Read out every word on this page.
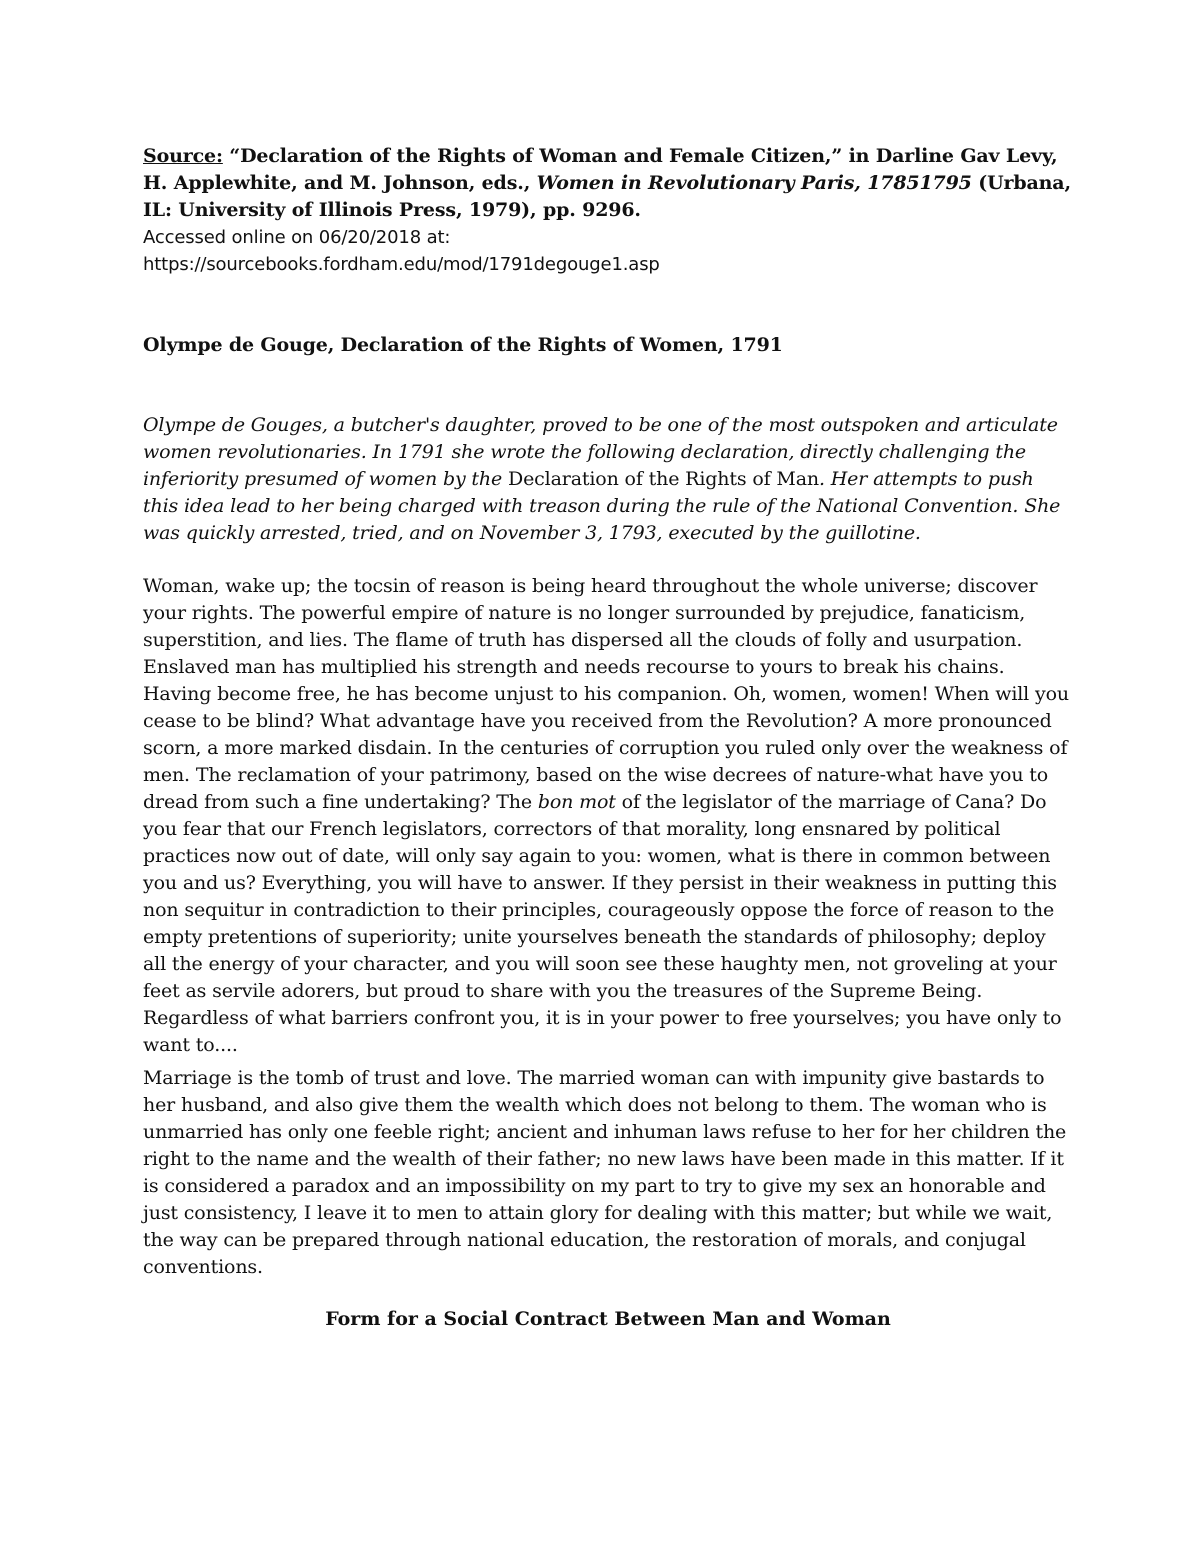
Source: “Declaration of the Rights of Woman and Female Citizen,” in Darline Gav Levy, H. Applewhite, and M. Johnson, eds., Women in Revolutionary Paris, 17851795 (Urbana, IL: University of Illinois Press, 1979), pp. 9296.
Accessed online on 06/20/2018 at:
https://sourcebooks.fordham.edu/mod/1791degouge1.asp
Olympe de Gouge, Declaration of the Rights of Women, 1791
Olympe de Gouges, a butcher's daughter, proved to be one of the most outspoken and articulate women revolutionaries. In 1791 she wrote the following declaration, directly challenging the inferiority presumed of women by the Declaration of the Rights of Man. Her attempts to push this idea lead to her being charged with treason during the rule of the National Convention. She was quickly arrested, tried, and on November 3, 1793, executed by the guillotine.
Woman, wake up; the tocsin of reason is being heard throughout the whole universe; discover your rights. The powerful empire of nature is no longer surrounded by prejudice, fanaticism, superstition, and lies. The flame of truth has dispersed all the clouds of folly and usurpation. Enslaved man has multiplied his strength and needs recourse to yours to break his chains. Having become free, he has become unjust to his companion. Oh, women, women! When will you cease to be blind? What advantage have you received from the Revolution? A more pronounced scorn, a more marked disdain. In the centuries of corruption you ruled only over the weakness of men. The reclamation of your patrimony, based on the wise decrees of nature-what have you to dread from such a fine undertaking? The bon mot of the legislator of the marriage of Cana? Do you fear that our French legislators, correctors of that morality, long ensnared by political practices now out of date, will only say again to you: women, what is there in common between you and us? Everything, you will have to answer. If they persist in their weakness in putting this non sequitur in contradiction to their principles, courageously oppose the force of reason to the empty pretentions of superiority; unite yourselves beneath the standards of philosophy; deploy all the energy of your character, and you will soon see these haughty men, not groveling at your feet as servile adorers, but proud to share with you the treasures of the Supreme Being. Regardless of what barriers confront you, it is in your power to free yourselves; you have only to want to....
Marriage is the tomb of trust and love. The married woman can with impunity give bastards to her husband, and also give them the wealth which does not belong to them. The woman who is unmarried has only one feeble right; ancient and inhuman laws refuse to her for her children the right to the name and the wealth of their father; no new laws have been made in this matter. If it is considered a paradox and an impossibility on my part to try to give my sex an honorable and just consistency, I leave it to men to attain glory for dealing with this matter; but while we wait, the way can be prepared through national education, the restoration of morals, and conjugal conventions.
Form for a Social Contract Between Man and Woman
